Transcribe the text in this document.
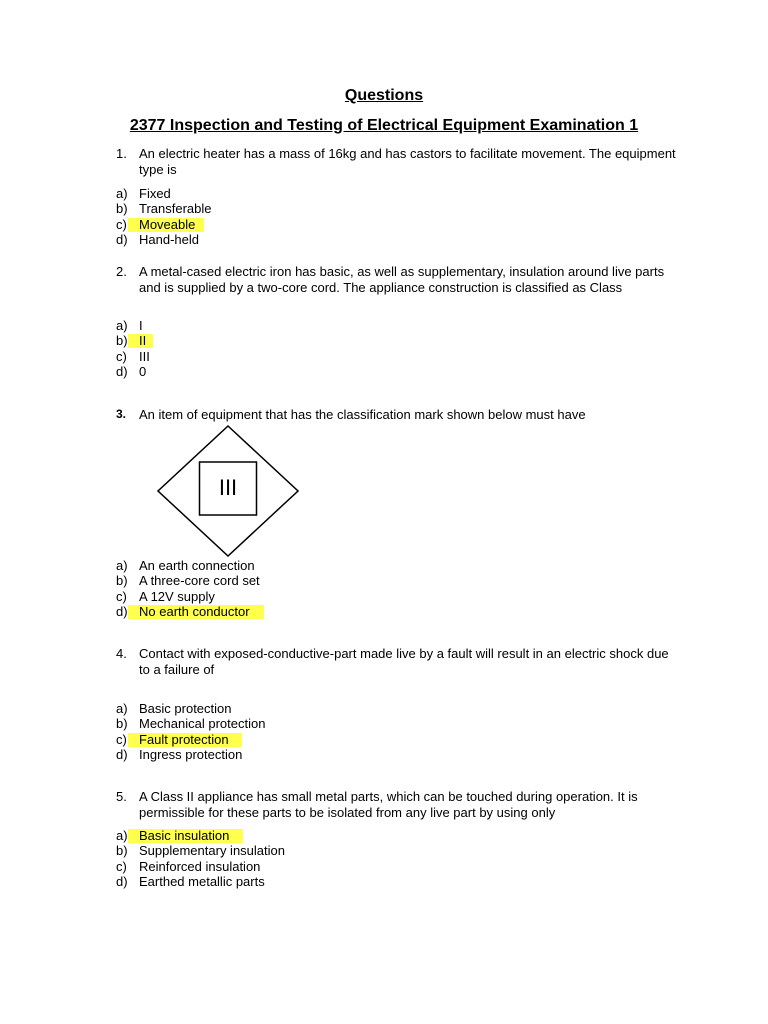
Questions
2377 Inspection and Testing of Electrical Equipment Examination 1
1. An electric heater has a mass of 16kg and has castors to facilitate movement. The equipment type is
a) Fixed
b) Transferable
c) Moveable
d) Hand-held
2. A metal-cased electric iron has basic, as well as supplementary, insulation around live parts and is supplied by a two-core cord. The appliance construction is classified as Class
a) I
b) II
c) III
d) 0
3. An item of equipment that has the classification mark shown below must have
III
a) An earth connection
b) A three-core cord set
c) A 12V supply
d) No earth conductor
4. Contact with exposed-conductive-part made live by a fault will result in an electric shock due to a failure of
a) Basic protection
b) Mechanical protection
c) Fault protection
d) Ingress protection
5. A Class II appliance has small metal parts, which can be touched during operation. It is permissible for these parts to be isolated from any live part by using only
a) Basic insulation
b) Supplementary insulation
c) Reinforced insulation
d) Earthed metallic parts
